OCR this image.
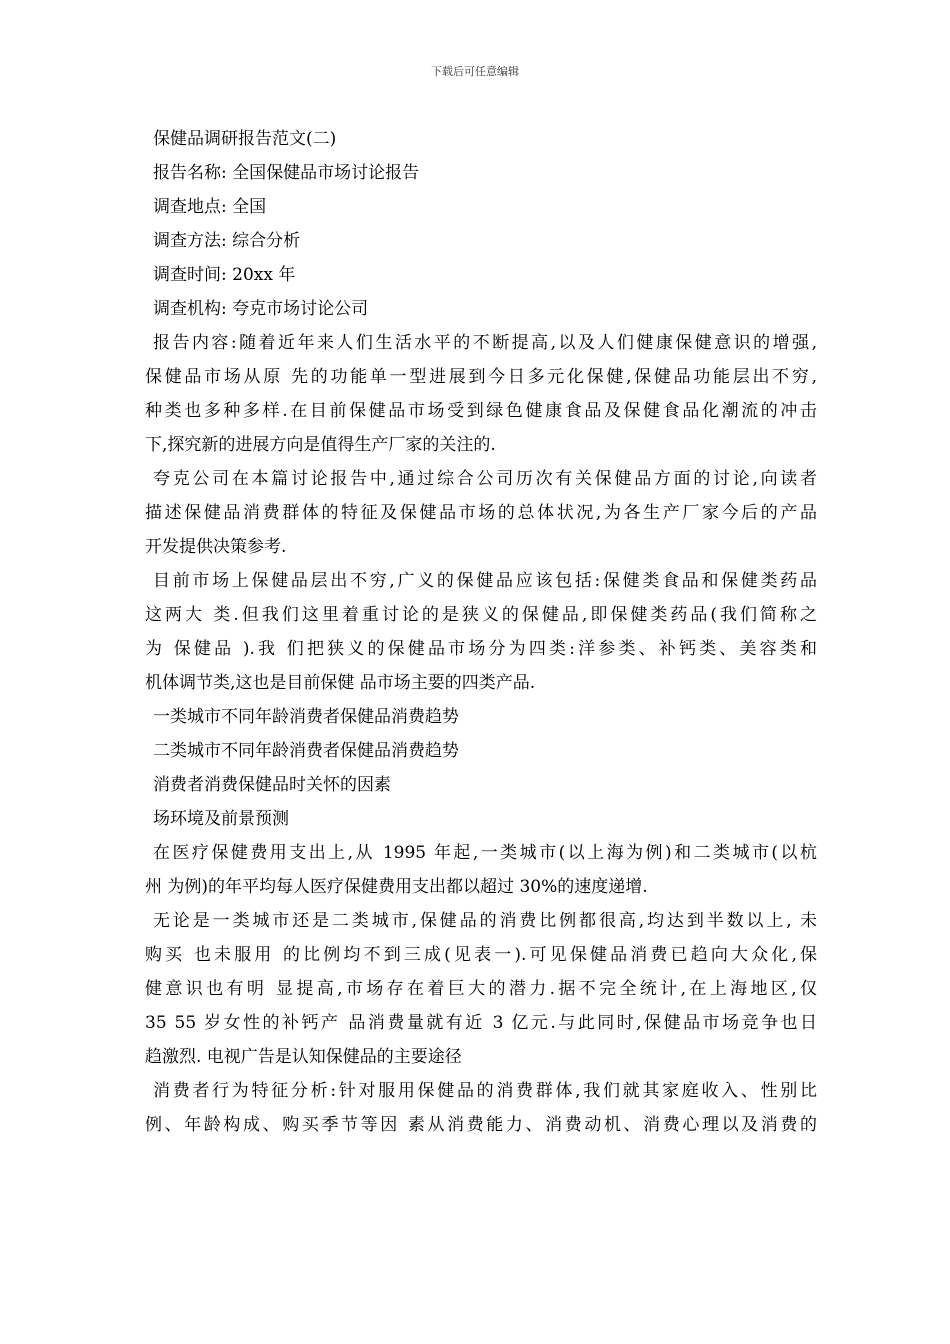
下载后可任意编辑
保健品调研报告范文(二)
报告名称: 全国保健品市场讨论报告
调查地点: 全国
调查方法: 综合分析
调查时间: 20xx 年
调查机构: 夸克市场讨论公司
报告内容:随着近年来人们生活水平的不断提高,以及人们健康保健意识的增强,
保健品市场从原 先的功能单一型进展到今日多元化保健,保健品功能层出不穷,
种类也多种多样.在目前保健品市场受到绿色健康食品及保健食品化潮流的冲击
下,探究新的进展方向是值得生产厂家的关注的.
夸克公司在本篇讨论报告中,通过综合公司历次有关保健品方面的讨论,向读者
描述保健品消费群体的特征及保健品市场的总体状况,为各生产厂家今后的产品
开发提供决策参考.
目前市场上保健品层出不穷,广义的保健品应该包括:保健类食品和保健类药品
这两大 类.但我们这里着重讨论的是狭义的保健品,即保健类药品(我们简称之
为 保健品 ).我 们把狭义的保健品市场分为四类:洋参类、补钙类、美容类和
机体调节类,这也是目前保健 品市场主要的四类产品.
一类城市不同年龄消费者保健品消费趋势
二类城市不同年龄消费者保健品消费趋势
消费者消费保健品时关怀的因素
场环境及前景预测
在医疗保健费用支出上,从 1995 年起,一类城市(以上海为例)和二类城市(以杭
州 为例)的年平均每人医疗保健费用支出都以超过 30%的速度递增.
无论是一类城市还是二类城市,保健品的消费比例都很高,均达到半数以上, 未
购买 也未服用 的比例均不到三成(见表一).可见保健品消费已趋向大众化,保
健意识也有明 显提高,市场存在着巨大的潜力.据不完全统计,在上海地区,仅
35 55 岁女性的补钙产 品消费量就有近 3 亿元.与此同时,保健品市场竞争也日
趋激烈. 电视广告是认知保健品的主要途径
消费者行为特征分析:针对服用保健品的消费群体,我们就其家庭收入、性别比
例、年龄构成、购买季节等因 素从消费能力、消费动机、消费心理以及消费的
